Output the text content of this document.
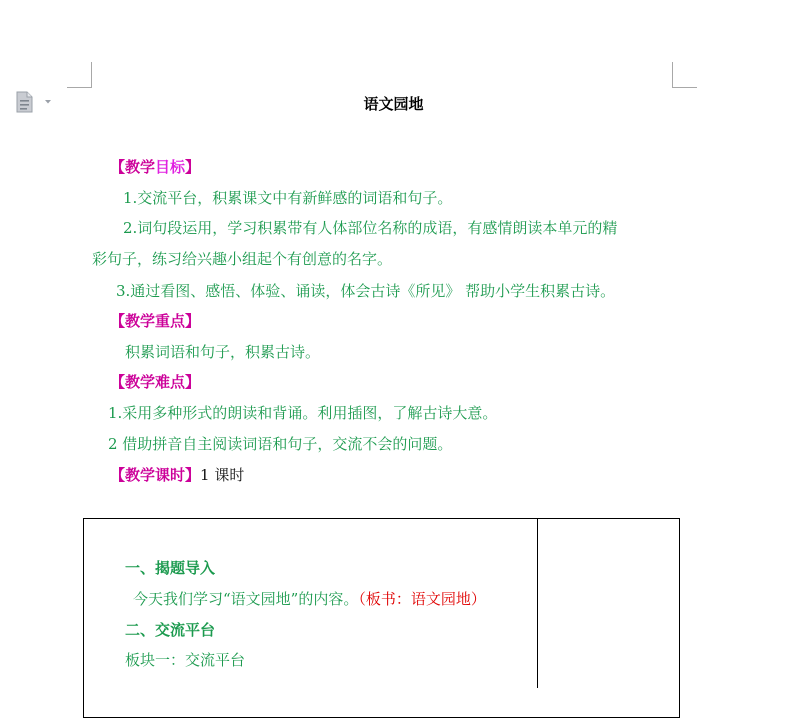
语文园地
【教学目标】
1.交流平台，积累课文中有新鲜感的词语和句子。
2.词句段运用，学习积累带有人体部位名称的成语，有感情朗读本单元的精
彩句子，练习给兴趣小组起个有创意的名字。
3.通过看图、感悟、体验、诵读，体会古诗《所见》 帮助小学生积累古诗。
【教学重点】
积累词语和句子，积累古诗。
【教学难点】
1.采用多种形式的朗读和背诵。利用插图，了解古诗大意。
2 借助拼音自主阅读词语和句子，交流不会的问题。
【教学课时】1 课时
一、揭题导入
今天我们学习“语文园地”的内容。（板书：语文园地）
二、交流平台
板块一：交流平台
